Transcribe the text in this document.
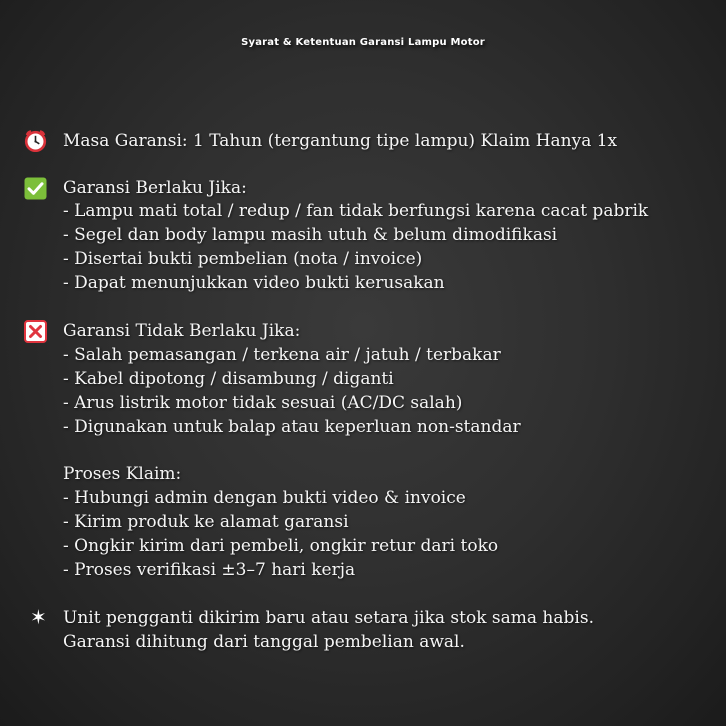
Syarat & Ketentuan Garansi Lampu Motor
Masa Garansi: 1 Tahun (tergantung tipe lampu) Klaim Hanya 1x
Garansi Berlaku Jika:
- Lampu mati total / redup / fan tidak berfungsi karena cacat pabrik
- Segel dan body lampu masih utuh & belum dimodifikasi
- Disertai bukti pembelian (nota / invoice)
- Dapat menunjukkan video bukti kerusakan
Garansi Tidak Berlaku Jika:
- Salah pemasangan / terkena air / jatuh / terbakar
- Kabel dipotong / disambung / diganti
- Arus listrik motor tidak sesuai (AC/DC salah)
- Digunakan untuk balap atau keperluan non-standar
Proses Klaim:
- Hubungi admin dengan bukti video & invoice
- Kirim produk ke alamat garansi
- Ongkir kirim dari pembeli, ongkir retur dari toko
- Proses verifikasi ±3–7 hari kerja
✶ Unit pengganti dikirim baru atau setara jika stok sama habis.
Garansi dihitung dari tanggal pembelian awal.
